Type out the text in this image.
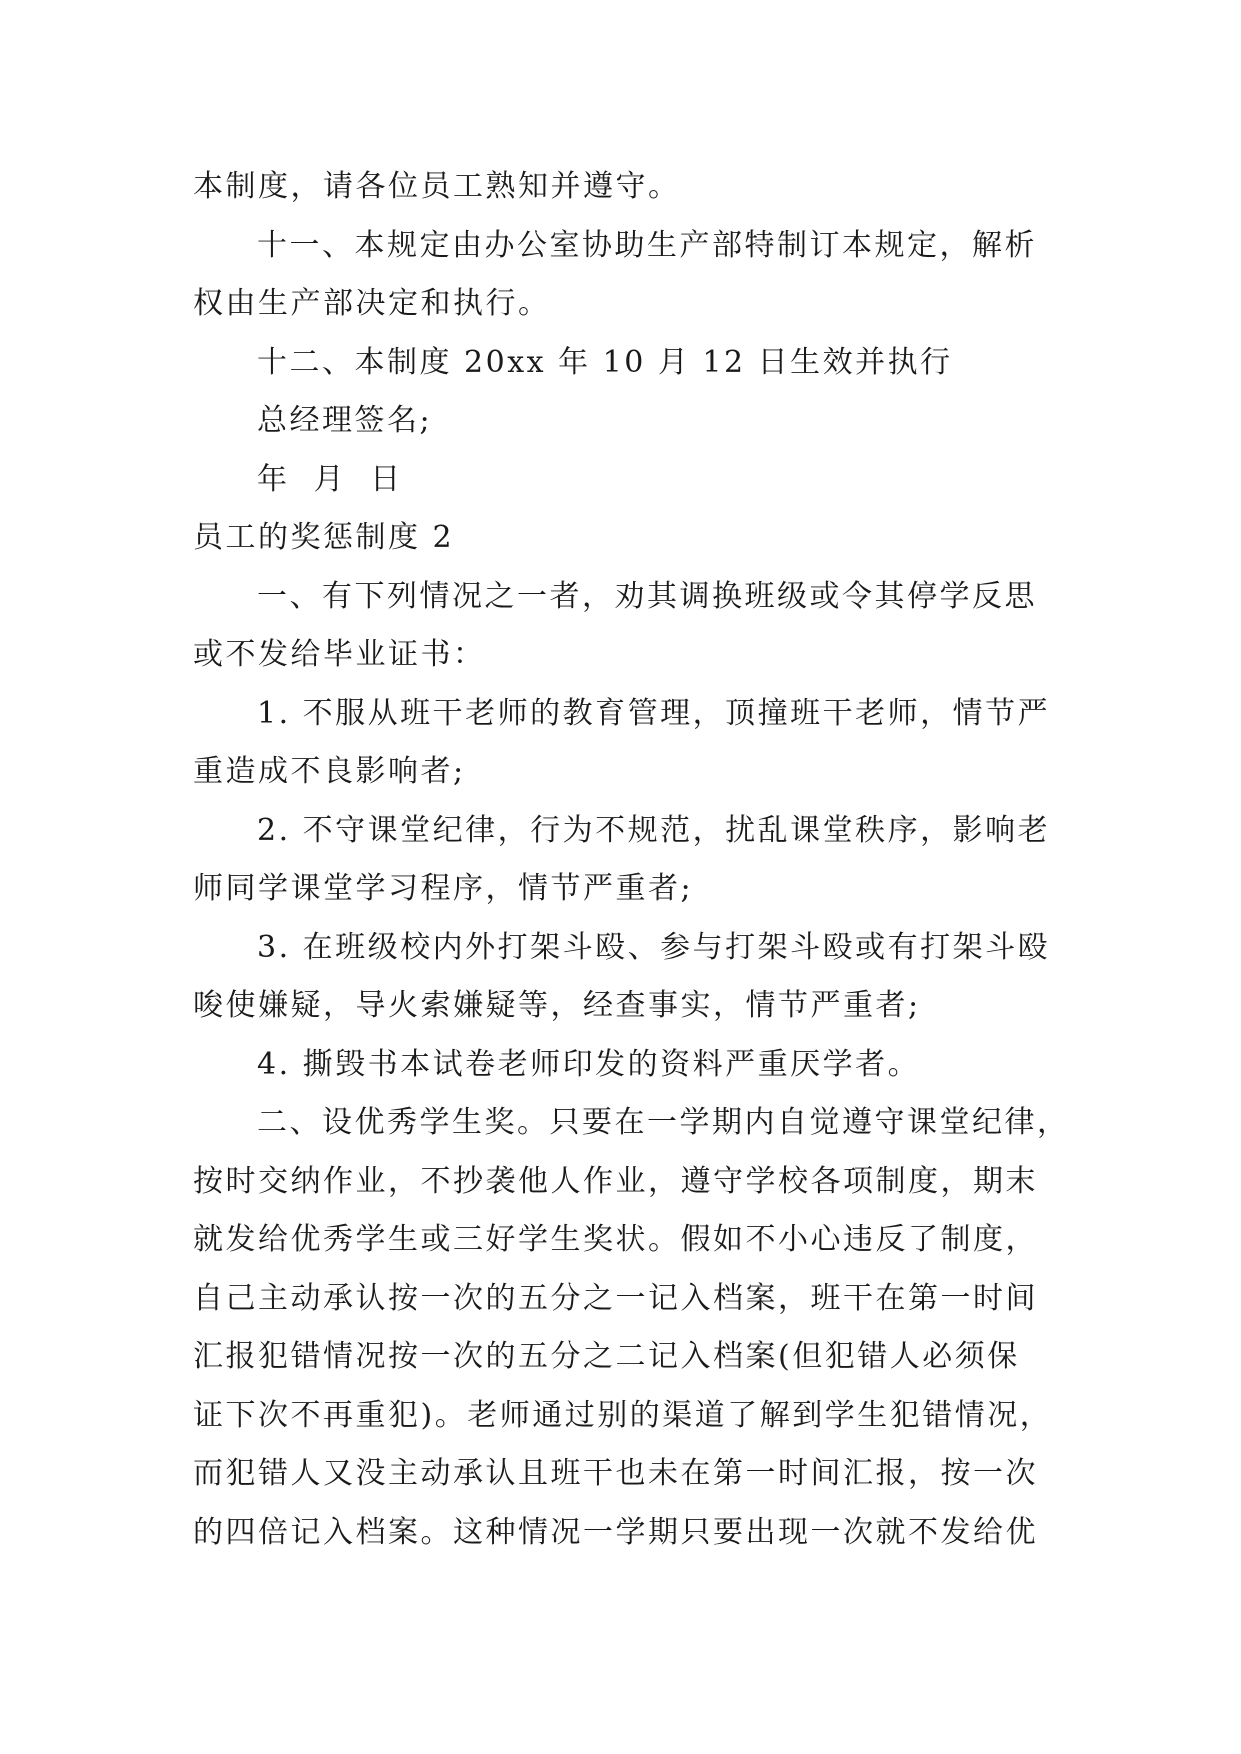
本制度，请各位员工熟知并遵守。
十一、本规定由办公室协助生产部特制订本规定，解析
权由生产部决定和执行。
十二、本制度 20xx 年 10 月 12 日生效并执行
总经理签名;
年  月  日
员工的奖惩制度 2
一、有下列情况之一者，劝其调换班级或令其停学反思
或不发给毕业证书：
1. 不服从班干老师的教育管理，顶撞班干老师，情节严
重造成不良影响者;
2. 不守课堂纪律，行为不规范，扰乱课堂秩序，影响老
师同学课堂学习程序，情节严重者;
3. 在班级校内外打架斗殴、参与打架斗殴或有打架斗殴
唆使嫌疑，导火索嫌疑等，经查事实，情节严重者;
4. 撕毁书本试卷老师印发的资料严重厌学者。
二、设优秀学生奖。只要在一学期内自觉遵守课堂纪律，
按时交纳作业，不抄袭他人作业，遵守学校各项制度，期末
就发给优秀学生或三好学生奖状。假如不小心违反了制度，
自己主动承认按一次的五分之一记入档案，班干在第一时间
汇报犯错情况按一次的五分之二记入档案(但犯错人必须保
证下次不再重犯)。老师通过别的渠道了解到学生犯错情况，
而犯错人又没主动承认且班干也未在第一时间汇报，按一次
的四倍记入档案。这种情况一学期只要出现一次就不发给优
